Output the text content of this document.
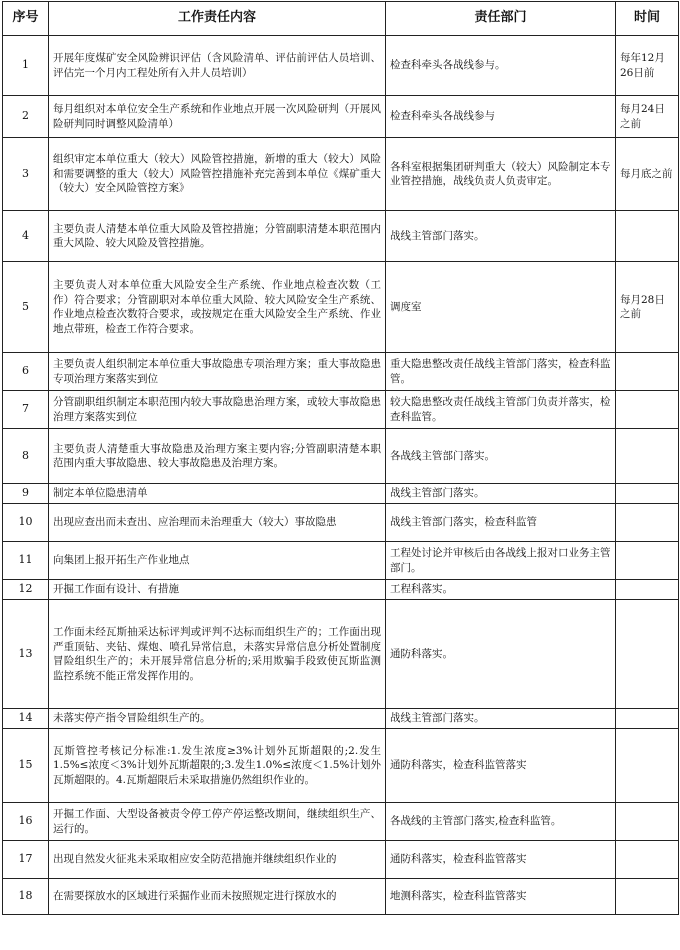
序号	工作责任内容	责任部门	时间
1	开展年度煤矿安全风险辨识评估（含风险清单、评估前评估人员培训、评估完一个月内工程处所有入井人员培训）	检查科牵头各战线参与。	每年12月26日前
2	每月组织对本单位安全生产系统和作业地点开展一次风险研判（开展风险研判同时调整风险清单）	检查科牵头各战线参与	每月24日之前
3	组织审定本单位重大（较大）风险管控措施，新增的重大（较大）风险和需要调整的重大（较大）风险管控措施补充完善到本单位《煤矿重大（较大）安全风险管控方案》	各科室根据集团研判重大（较大）风险制定本专业管控措施，战线负责人负责审定。	每月底之前
4	主要负责人清楚本单位重大风险及管控措施；分管副职清楚本职范围内重大风险、较大风险及管控措施。	战线主管部门落实。	
5	主要负责人对本单位重大风险安全生产系统、作业地点检查次数（工作）符合要求；分管副职对本单位重大风险、较大风险安全生产系统、作业地点检查次数符合要求，或按规定在重大风险安全生产系统、作业地点带班，检查工作符合要求。	调度室	每月28日之前
6	主要负责人组织制定本单位重大事故隐患专项治理方案；重大事故隐患专项治理方案落实到位	重大隐患整改责任战线主管部门落实，检查科监管。	
7	分管副职组织制定本职范围内较大事故隐患治理方案，或较大事故隐患治理方案落实到位	较大隐患整改责任战线主管部门负责并落实，检查科监管。	
8	主要负责人清楚重大事故隐患及治理方案主要内容;分管副职清楚本职范围内重大事故隐患、较大事故隐患及治理方案。	各战线主管部门落实。	
9	制定本单位隐患清单	战线主管部门落实。	
10	出现应查出而未查出、应治理而未治理重大（较大）事故隐患	战线主管部门落实，检查科监管	
11	向集团上报开拓生产作业地点	工程处讨论并审核后由各战线上报对口业务主管部门。	
12	开掘工作面有设计、有措施	工程科落实。	
13	工作面未经瓦斯抽采达标评判或评判不达标而组织生产的；工作面出现严重顶钻、夹钻、煤炮、喷孔异常信息，未落实异常信息分析处置制度冒险组织生产的；未开展异常信息分析的;采用欺骗手段致使瓦斯监测监控系统不能正常发挥作用的。	通防科落实。	
14	未落实停产指令冒险组织生产的。	战线主管部门落实。	
15	瓦斯管控考核记分标准:1.发生浓度≥3%计划外瓦斯超限的;2.发生1.5%≤浓度＜3%计划外瓦斯超限的;3.发生1.0%≤浓度＜1.5%计划外瓦斯超限的。4.瓦斯超限后未采取措施仍然组织作业的。	通防科落实，检查科监管落实	
16	开掘工作面、大型设备被责令停工停产停运整改期间，继续组织生产、运行的。	各战线的主管部门落实,检查科监管。	
17	出现自然发火征兆未采取相应安全防范措施并继续组织作业的	通防科落实，检查科监管落实	
18	在需要探放水的区域进行采掘作业而未按照规定进行探放水的	地测科落实，检查科监管落实	
